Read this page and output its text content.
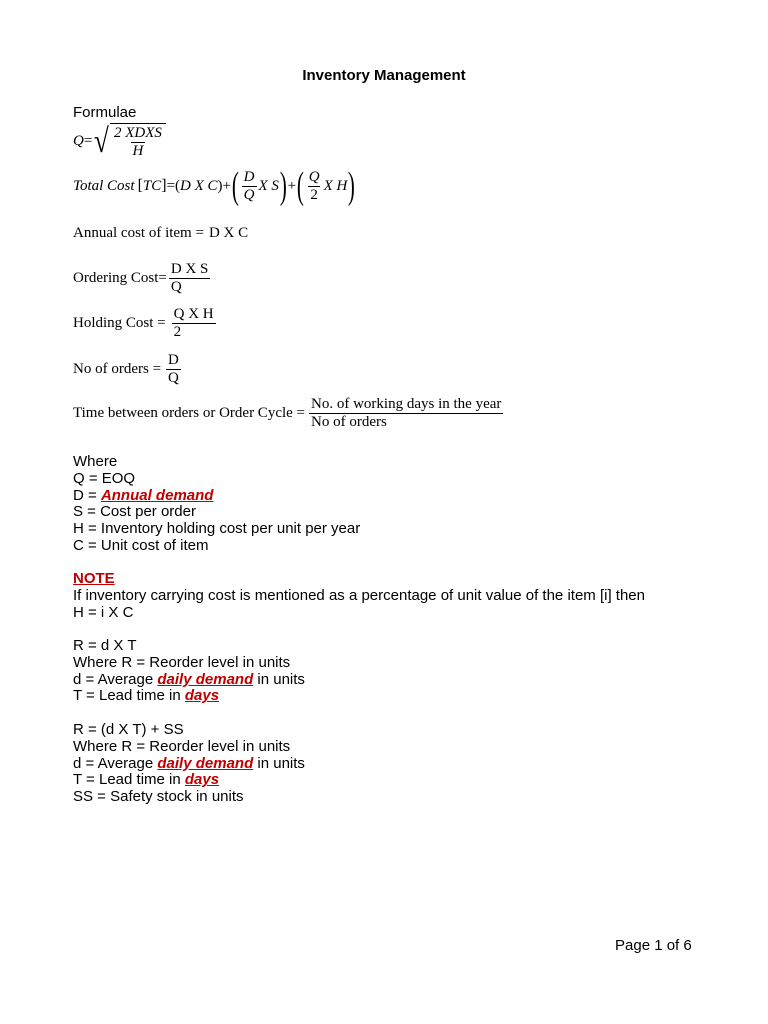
Inventory Management
Formulae
Q = √ $\frac{\text{2 XDXS}}{H}$
Total Cost [ TC ] =( D X C ) + ( $\frac{D}{Q}$ X S ) + ( $\frac{Q}{2}$ X H )
Annual cost of item = D X C
Ordering Cost = $\frac{\text{D X S}}{Q}$
Holding Cost = $\frac{\text{Q X H}}{2}$
No of orders = $\frac{D}{Q}$
Time between orders or Order Cycle = $\frac{\text{No. of working days in the year}}{\text{No of orders}}$
Where
Q = EOQ
D = Annual demand
S = Cost per order
H = Inventory holding cost per unit per year
C = Unit cost of item
NOTE
If inventory carrying cost is mentioned as a percentage of unit value of the item [i] then
H = i X C
R = d X T
Where R = Reorder level in units
d = Average daily demand in units
T = Lead time in days
R = (d X T) + SS
Where R = Reorder level in units
d = Average daily demand in units
T = Lead time in days
SS = Safety stock in units
Page 1 of 6
